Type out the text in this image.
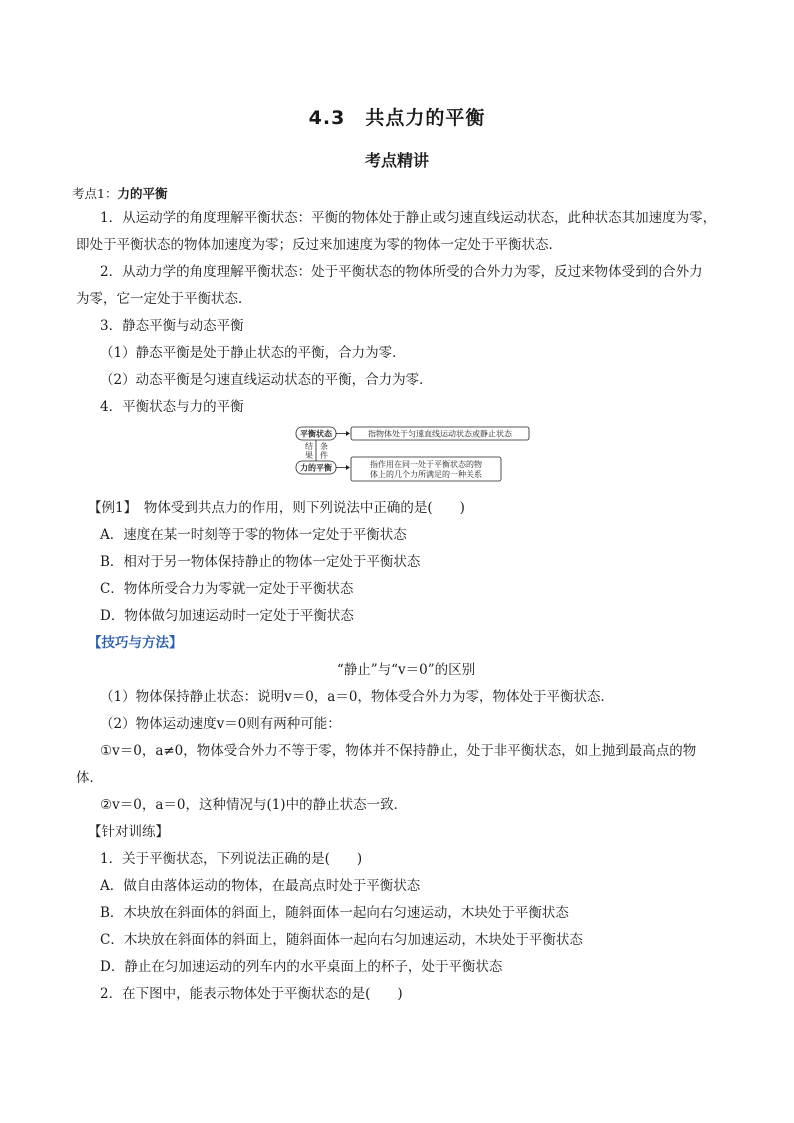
4.3　共点力的平衡
考点精讲
考点1：力的平衡
1．从运动学的角度理解平衡状态：平衡的物体处于静止或匀速直线运动状态，此种状态其加速度为零，
即处于平衡状态的物体加速度为零；反过来加速度为零的物体一定处于平衡状态．
2．从动力学的角度理解平衡状态：处于平衡状态的物体所受的合外力为零，反过来物体受到的合外力
为零，它一定处于平衡状态．
3．静态平衡与动态平衡
（1）静态平衡是处于静止状态的平衡，合力为零．
（2）动态平衡是匀速直线运动状态的平衡，合力为零．
4．平衡状态与力的平衡
平衡状态	指物体处于匀速直线运动状态或静止状态
结
果
条
件
力的平衡	指作用在同一处于平衡状态的物
体上的几个力所满足的一种关系
【例1】　 物体受到共点力的作用，则下列说法中正确的是(　　)
A．速度在某一时刻等于零的物体一定处于平衡状态
B．相对于另一物体保持静止的物体一定处于平衡状态
C．物体所受合力为零就一定处于平衡状态
D．物体做匀加速运动时一定处于平衡状态
【技巧与方法】
“静止”与“v＝0”的区别
（1）物体保持静止状态：说明v＝0，a＝0，物体受合外力为零，物体处于平衡状态．
（2）物体运动速度v＝0则有两种可能：
①v＝0，a≠0，物体受合外力不等于零，物体并不保持静止，处于非平衡状态，如上抛到最高点的物
体．
②v＝0，a＝0，这种情况与(1)中的静止状态一致．
【针对训练】
1．关于平衡状态，下列说法正确的是(　　)
A．做自由落体运动的物体，在最高点时处于平衡状态
B．木块放在斜面体的斜面上，随斜面体一起向右匀速运动，木块处于平衡状态
C．木块放在斜面体的斜面上，随斜面体一起向右匀加速运动，木块处于平衡状态
D．静止在匀加速运动的列车内的水平桌面上的杯子，处于平衡状态
2．在下图中，能表示物体处于平衡状态的是(　　)
